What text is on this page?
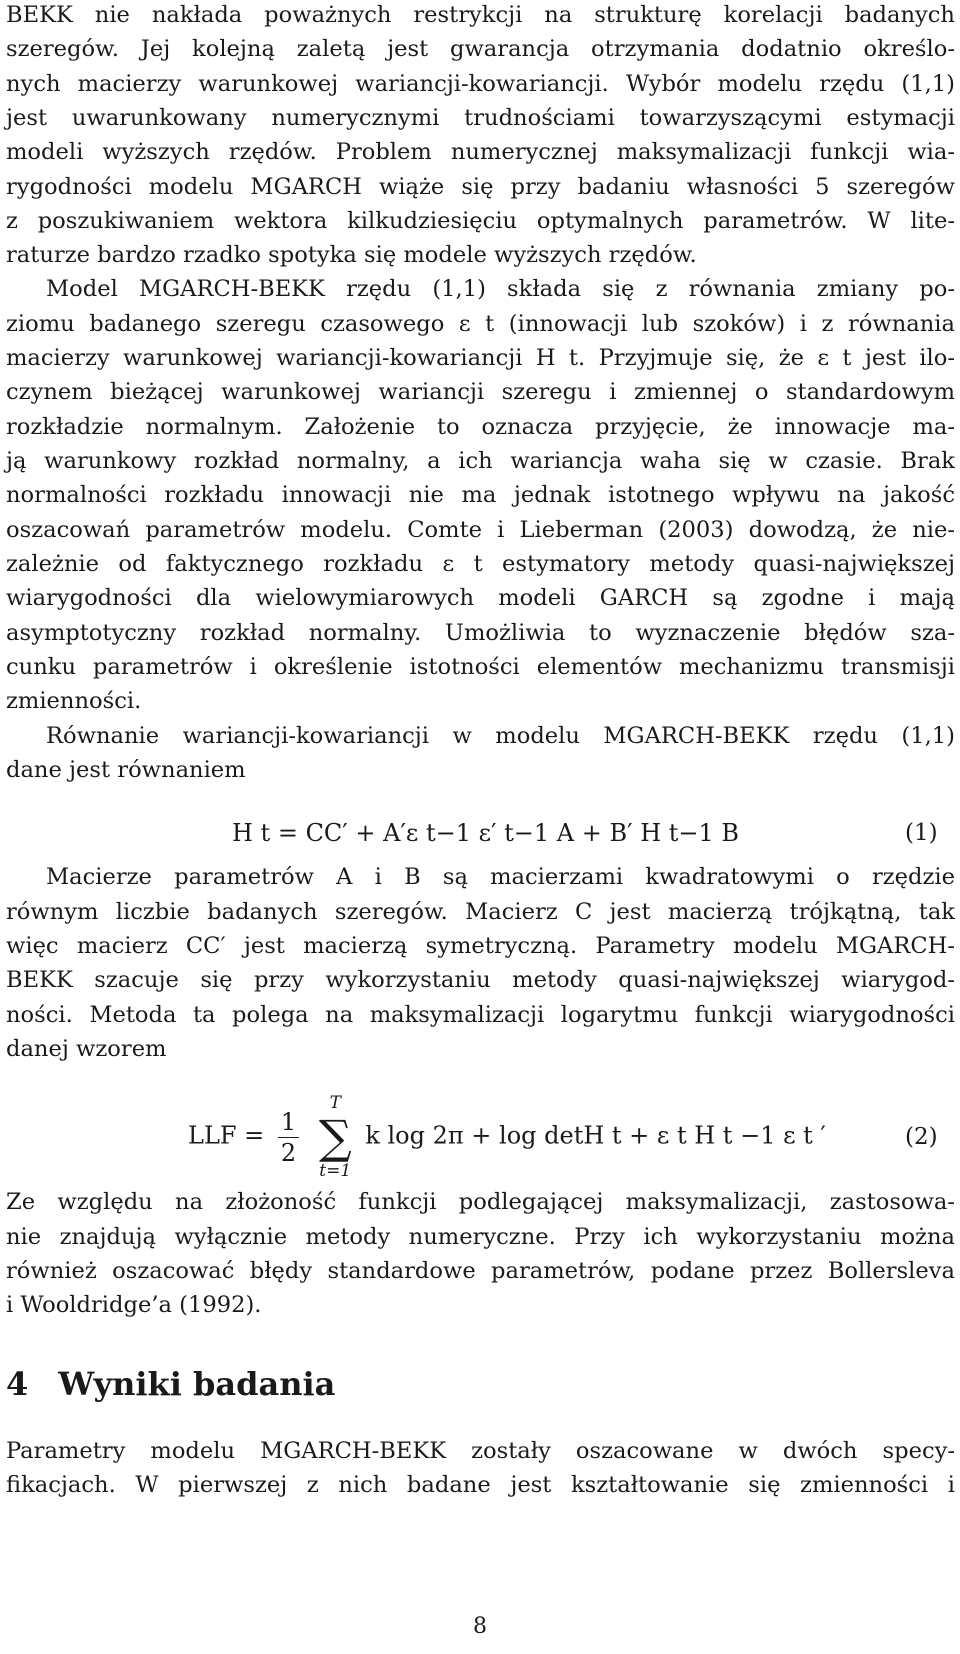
BEKK nie nakłada poważnych restrykcji na strukturę korelacji badanych
szeregów. Jej kolejną zaletą jest gwarancja otrzymania dodatnio określo-
nych macierzy warunkowej wariancji-kowariancji. Wybór modelu rzędu (1,1)
jest uwarunkowany numerycznymi trudnościami towarzyszącymi estymacji
modeli wyższych rzędów. Problem numerycznej maksymalizacji funkcji wia-
rygodności modelu MGARCH wiąże się przy badaniu własności 5 szeregów
z poszukiwaniem wektora kilkudziesięciu optymalnych parametrów. W lite-
raturze bardzo rzadko spotyka się modele wyższych rzędów.
Model MGARCH-BEKK rzędu (1,1) składa się z równania zmiany po-
ziomu badanego szeregu czasowego ε t (innowacji lub szoków) i z równania
macierzy warunkowej wariancji-kowariancji H t. Przyjmuje się, że ε t jest ilo-
czynem bieżącej warunkowej wariancji szeregu i zmiennej o standardowym
rozkładzie normalnym. Założenie to oznacza przyjęcie, że innowacje ma-
ją warunkowy rozkład normalny, a ich wariancja waha się w czasie. Brak
normalności rozkładu innowacji nie ma jednak istotnego wpływu na jakość
oszacowań parametrów modelu. Comte i Lieberman (2003) dowodzą, że nie-
zależnie od faktycznego rozkładu ε t estymatory metody quasi-największej
wiarygodności dla wielowymiarowych modeli GARCH są zgodne i mają
asymptotyczny rozkład normalny. Umożliwia to wyznaczenie błędów sza-
cunku parametrów i określenie istotności elementów mechanizmu transmisji
zmienności.
Równanie wariancji-kowariancji w modelu MGARCH-BEKK rzędu (1,1)
dane jest równaniem
H t = CC′ + A′ε t−1 ε′ t−1 A + B′ H t−1 B	(1)
Macierze parametrów A i B są macierzami kwadratowymi o rzędzie
równym liczbie badanych szeregów. Macierz C jest macierzą trójkątną, tak
więc macierz CC′ jest macierzą symetryczną. Parametry modelu MGARCH-
BEKK szacuje się przy wykorzystaniu metody quasi-największej wiarygod-
ności. Metoda ta polega na maksymalizacji logarytmu funkcji wiarygodności
danej wzorem
LLF = $\frac{1}{2}$

T
∑
t=1
k log 2π + log detH t + ε t H t −1 ε t ′	(2)
Ze względu na złożoność funkcji podlegającej maksymalizacji, zastosowa-
nie znajdują wyłącznie metody numeryczne. Przy ich wykorzystaniu można
również oszacować błędy standardowe parametrów, podane przez Bollersleva
i Wooldridge’a (1992).
4 Wyniki badania
Parametry modelu MGARCH-BEKK zostały oszacowane w dwóch specy-
fikacjach. W pierwszej z nich badane jest kształtowanie się zmienności i
8
